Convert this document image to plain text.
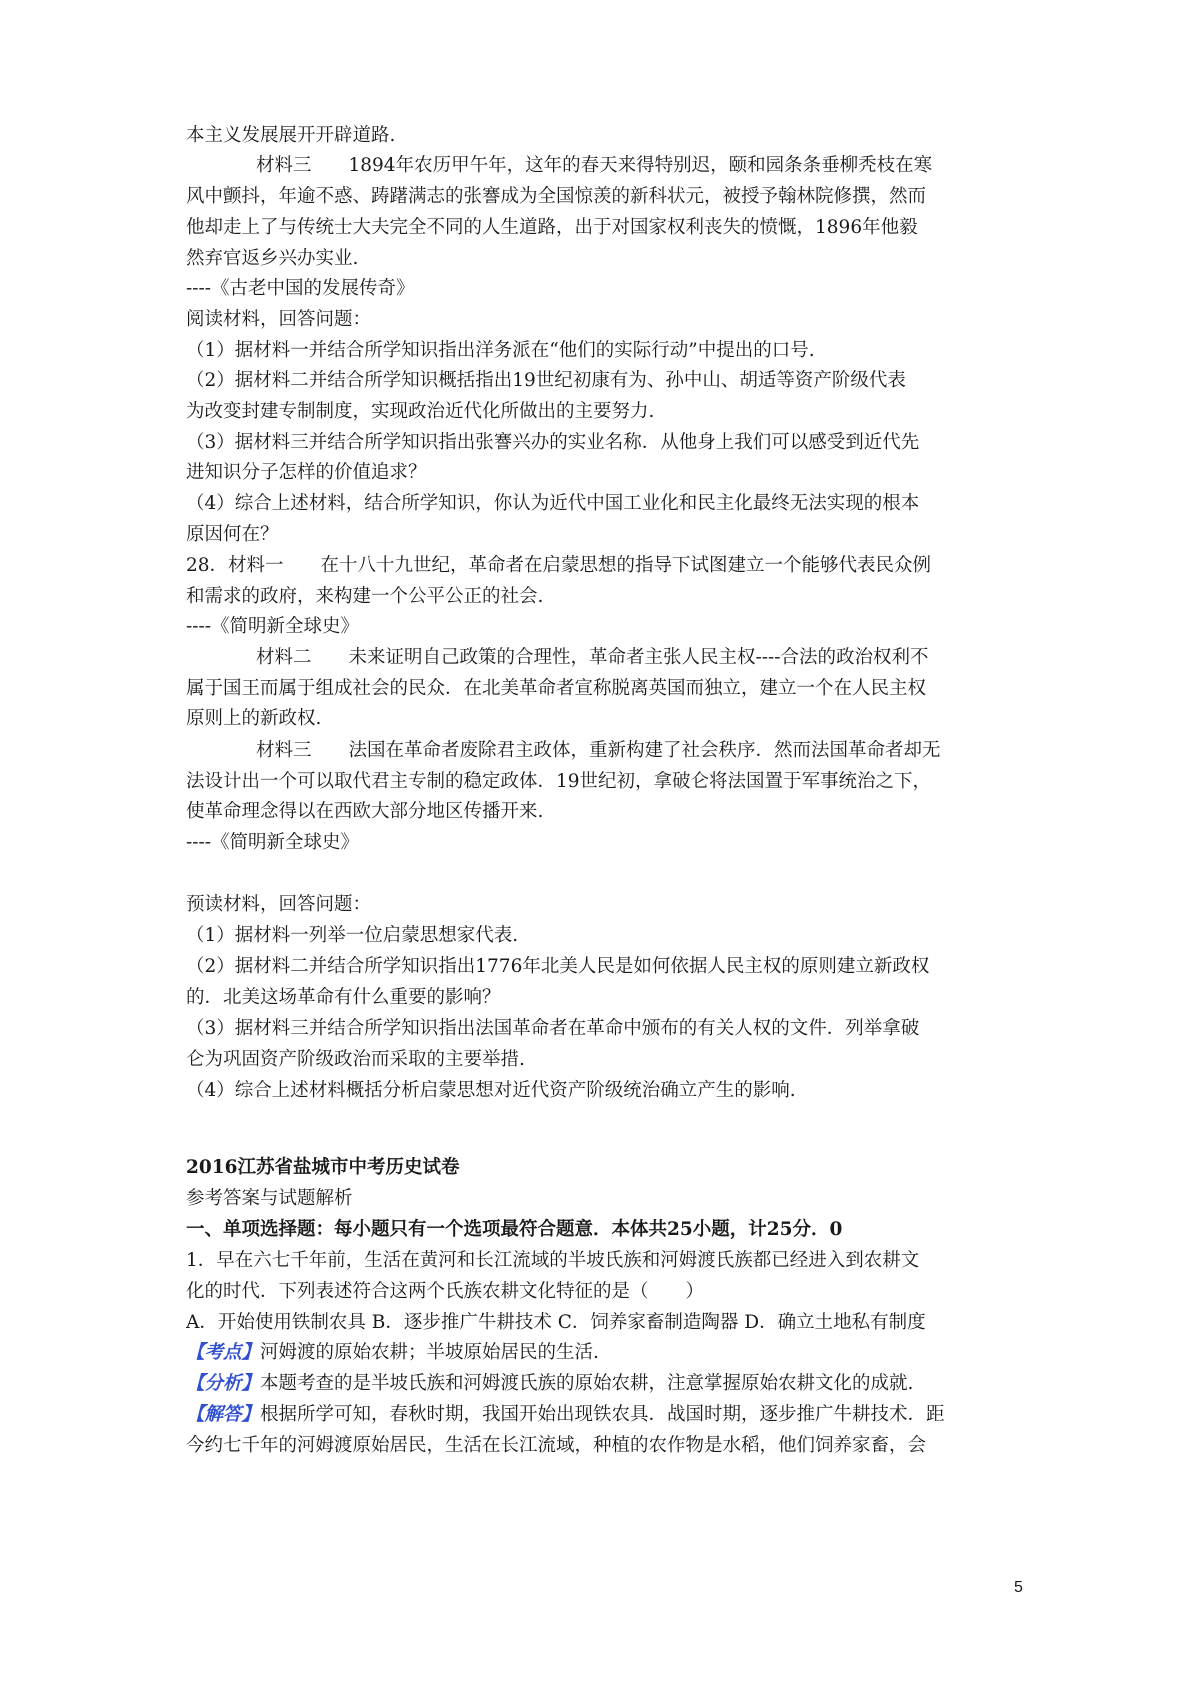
本主义发展展开开辟道路.
材料三　　1894年农历甲午年，这年的春天来得特别迟，颐和园条条垂柳秃枝在寒
风中颤抖，年逾不惑、踌躇满志的张謇成为全国惊羡的新科状元，被授予翰林院修撰，然而
他却走上了与传统士大夫完全不同的人生道路，出于对国家权利丧失的愤慨，1896年他毅
然弃官返乡兴办实业.
----《古老中国的发展传奇》
阅读材料，回答问题：
（1）据材料一并结合所学知识指出洋务派在“他们的实际行动”中提出的口号.
（2）据材料二并结合所学知识概括指出19世纪初康有为、孙中山、胡适等资产阶级代表
为改变封建专制制度，实现政治近代化所做出的主要努力.
（3）据材料三并结合所学知识指出张謇兴办的实业名称．从他身上我们可以感受到近代先
进知识分子怎样的价值追求？
（4）综合上述材料，结合所学知识，你认为近代中国工业化和民主化最终无法实现的根本
原因何在？
28．材料一　　在十八十九世纪，革命者在启蒙思想的指导下试图建立一个能够代表民众例
和需求的政府，来构建一个公平公正的社会.
----《简明新全球史》
材料二　　未来证明自己政策的合理性，革命者主张人民主权----合法的政治权利不
属于国王而属于组成社会的民众．在北美革命者宣称脱离英国而独立，建立一个在人民主权
原则上的新政权.
材料三　　法国在革命者废除君主政体，重新构建了社会秩序．然而法国革命者却无
法设计出一个可以取代君主专制的稳定政体．19世纪初，拿破仑将法国置于军事统治之下，
使革命理念得以在西欧大部分地区传播开来.
----《简明新全球史》
预读材料，回答问题：
（1）据材料一列举一位启蒙思想家代表.
（2）据材料二并结合所学知识指出1776年北美人民是如何依据人民主权的原则建立新政权
的．北美这场革命有什么重要的影响？
（3）据材料三并结合所学知识指出法国革命者在革命中颁布的有关人权的文件．列举拿破
仑为巩固资产阶级政治而采取的主要举措.
（4）综合上述材料概括分析启蒙思想对近代资产阶级统治确立产生的影响.
2016江苏省盐城市中考历史试卷
参考答案与试题解析
一、单项选择题：每小题只有一个选项最符合题意．本体共25小题，计25分．0
1．早在六七千年前，生活在黄河和长江流域的半坡氏族和河姆渡氏族都已经进入到农耕文
化的时代．下列表述符合这两个氏族农耕文化特征的是（　　）
A．开始使用铁制农具 B．逐步推广牛耕技术 C．饲养家畜制造陶器 D．确立土地私有制度
【考点】河姆渡的原始农耕；半坡原始居民的生活.
【分析】本题考查的是半坡氏族和河姆渡氏族的原始农耕，注意掌握原始农耕文化的成就.
【解答】根据所学可知，春秋时期，我国开始出现铁农具．战国时期，逐步推广牛耕技术．距
今约七千年的河姆渡原始居民，生活在长江流域，种植的农作物是水稻，他们饲养家畜，会
5
